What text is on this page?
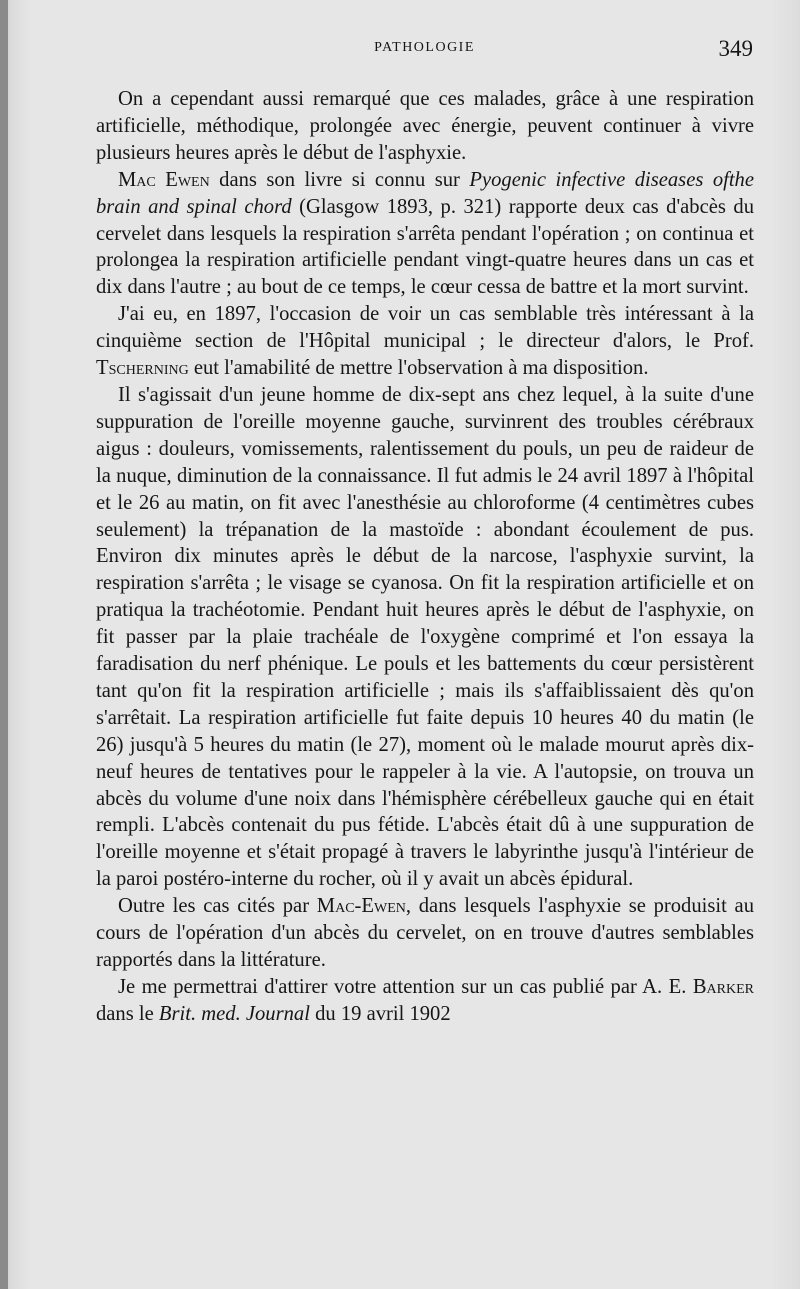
PATHOLOGIE	349

On a cependant aussi remarqué que ces malades, grâce à une respiration artificielle, méthodique, prolongée avec énergie, peuvent continuer à vivre plusieurs heures après le début de l'asphyxie.

Mac Ewen dans son livre si connu sur Pyogenic infective diseases ofthe brain and spinal chord (Glasgow 1893, p. 321) rapporte deux cas d'abcès du cervelet dans lesquels la respiration s'arrêta pendant l'opération ; on continua et prolongea la respiration artificielle pendant vingt-quatre heures dans un cas et dix dans l'autre ; au bout de ce temps, le cœur cessa de battre et la mort survint.

J'ai eu, en 1897, l'occasion de voir un cas semblable très intéressant à la cinquième section de l'Hôpital municipal ; le directeur d'alors, le Prof. Tscherning eut l'amabilité de mettre l'observation à ma disposition.

Il s'agissait d'un jeune homme de dix-sept ans chez lequel, à la suite d'une suppuration de l'oreille moyenne gauche, survinrent des troubles cérébraux aigus : douleurs, vomissements, ralentissement du pouls, un peu de raideur de la nuque, diminution de la connaissance. Il fut admis le 24 avril 1897 à l'hôpital et le 26 au matin, on fit avec l'anesthésie au chloroforme (4 centimètres cubes seulement) la trépanation de la mastoïde : abondant écoulement de pus. Environ dix minutes après le début de la narcose, l'asphyxie survint, la respiration s'arrêta ; le visage se cyanosa. On fit la respiration artificielle et on pratiqua la trachéotomie. Pendant huit heures après le début de l'asphyxie, on fit passer par la plaie trachéale de l'oxygène comprimé et l'on essaya la faradisation du nerf phénique. Le pouls et les battements du cœur persistèrent tant qu'on fit la respiration artificielle ; mais ils s'affaiblissaient dès qu'on s'arrêtait. La respiration artificielle fut faite depuis 10 heures 40 du matin (le 26) jusqu'à 5 heures du matin (le 27), moment où le malade mourut après dix-neuf heures de tentatives pour le rappeler à la vie. A l'autopsie, on trouva un abcès du volume d'une noix dans l'hémisphère cérébelleux gauche qui en était rempli. L'abcès contenait du pus fétide. L'abcès était dû à une suppuration de l'oreille moyenne et s'était propagé à travers le labyrinthe jusqu'à l'intérieur de la paroi postéro-interne du rocher, où il y avait un abcès épidural.

Outre les cas cités par Mac-Ewen, dans lesquels l'asphyxie se produisit au cours de l'opération d'un abcès du cervelet, on en trouve d'autres semblables rapportés dans la littérature.

Je me permettrai d'attirer votre attention sur un cas publié par A. E. Barker dans le Brit. med. Journal du 19 avril 1902
